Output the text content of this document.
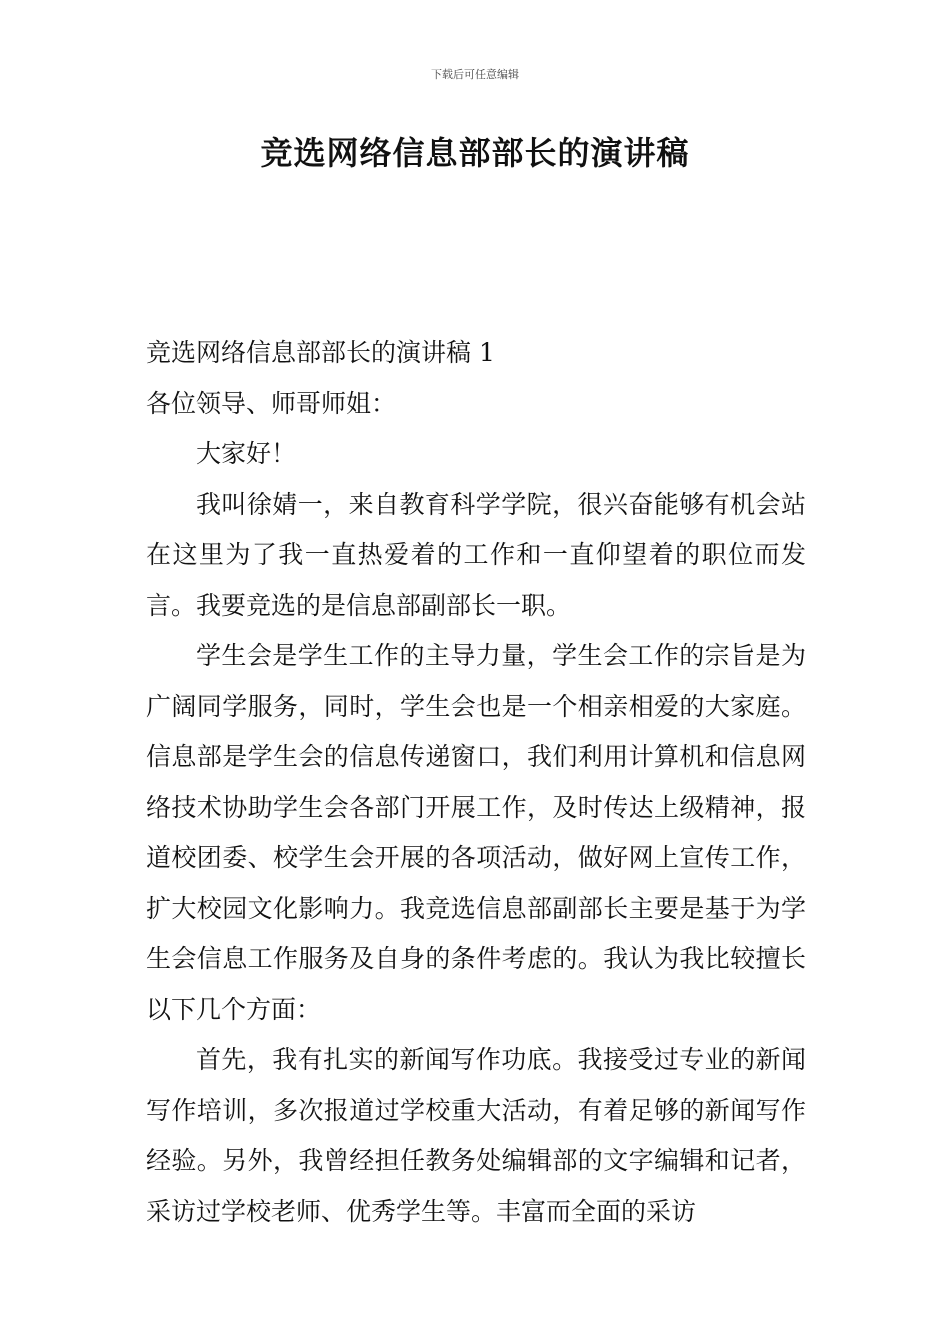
下载后可任意编辑
竞选网络信息部部长的演讲稿

竞选网络信息部部长的演讲稿 1

各位领导、师哥师姐：

大家好！

我叫徐婧一，来自教育科学学院，很兴奋能够有机会站在这里为了我一直热爱着的工作和一直仰望着的职位而发言。我要竞选的是信息部副部长一职。

学生会是学生工作的主导力量，学生会工作的宗旨是为广阔同学服务，同时，学生会也是一个相亲相爱的大家庭。信息部是学生会的信息传递窗口，我们利用计算机和信息网络技术协助学生会各部门开展工作，及时传达上级精神，报道校团委、校学生会开展的各项活动，做好网上宣传工作，扩大校园文化影响力。我竞选信息部副部长主要是基于为学生会信息工作服务及自身的条件考虑的。我认为我比较擅长以下几个方面：

首先，我有扎实的新闻写作功底。我接受过专业的新闻写作培训，多次报道过学校重大活动，有着足够的新闻写作经验。另外，我曾经担任教务处编辑部的文字编辑和记者，采访过学校老师、优秀学生等。丰富而全面的采访
